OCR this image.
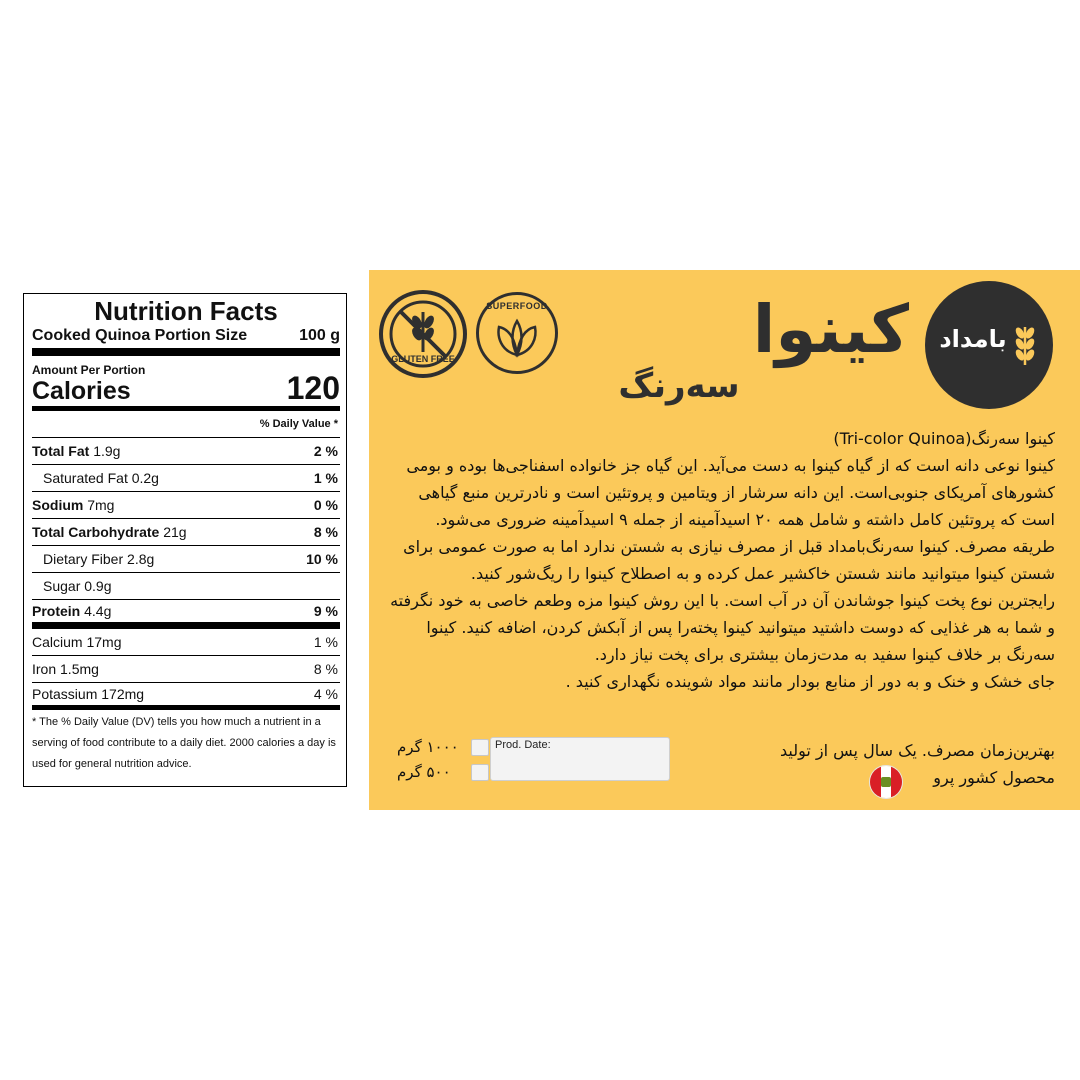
Nutrition Facts
Cooked Quinoa Portion Size	100 g
Amount Per Portion
Calories	120
% Daily Value *
Total Fat 1.9g	2 %
Saturated Fat 0.2g	1 %
Sodium 7mg	0 %
Total Carbohydrate 21g	8 %
Dietary Fiber 2.8g	10 %
Sugar 0.9g
Protein 4.4g	9 %
Calcium 17mg	1 %
Iron 1.5mg	8 %
Potassium 172mg	4 %
* The % Daily Value (DV) tells you how much a nutrient in a serving of food contribute to a daily diet. 2000 calories a day is used for general nutrition advice.
GLUTEN FREE
SUPERFOOD	کینوا
سه‌رنگ
بامداد

کینوا سه‌رنگ(Tri-color Quinoa)

کینوا نوعی دانه است که از گیاه کینوا به دست می‌آید. این گیاه جز خانواده اسفناجی‌ها بوده و بومی کشورهای آمریکای جنوبی‌است. این دانه سرشار از ویتامین و پروتئین است و نادرترین منبع گیاهی است که پروتئین کامل داشته و شامل همه ۲۰ اسیدآمینه از جمله ۹ اسیدآمینه ضروری می‌شود.

طریقه مصرف. کینوا سه‌رنگ‌بامداد قبل از مصرف نیازی به شستن ندارد اما به صورت عمومی برای شستن کینوا میتوانید مانند شستن خاکشیر عمل کرده و به اصطلاح کینوا را ریگ‌شور کنید.

رایجترین نوع پخت کینوا جوشاندن آن در آب است. با این روش کینوا مزه وطعم خاصی به خود نگرفته و شما به هر غذایی که دوست داشتید میتوانید کینوا پخته‌را پس از آبکش کردن، اضافه کنید. کینوا سه‌رنگ بر خلاف کینوا سفید به مدت‌زمان بیشتری برای پخت نیاز دارد.

جای خشک و خنک و به دور از منابع بودار مانند مواد شوینده نگهداری کنید .

۱۰۰۰ گرم
۵۰۰ گرم
Prod. Date:	بهترین‌زمان مصرف. یک سال پس از تولید
محصول کشور پرو
